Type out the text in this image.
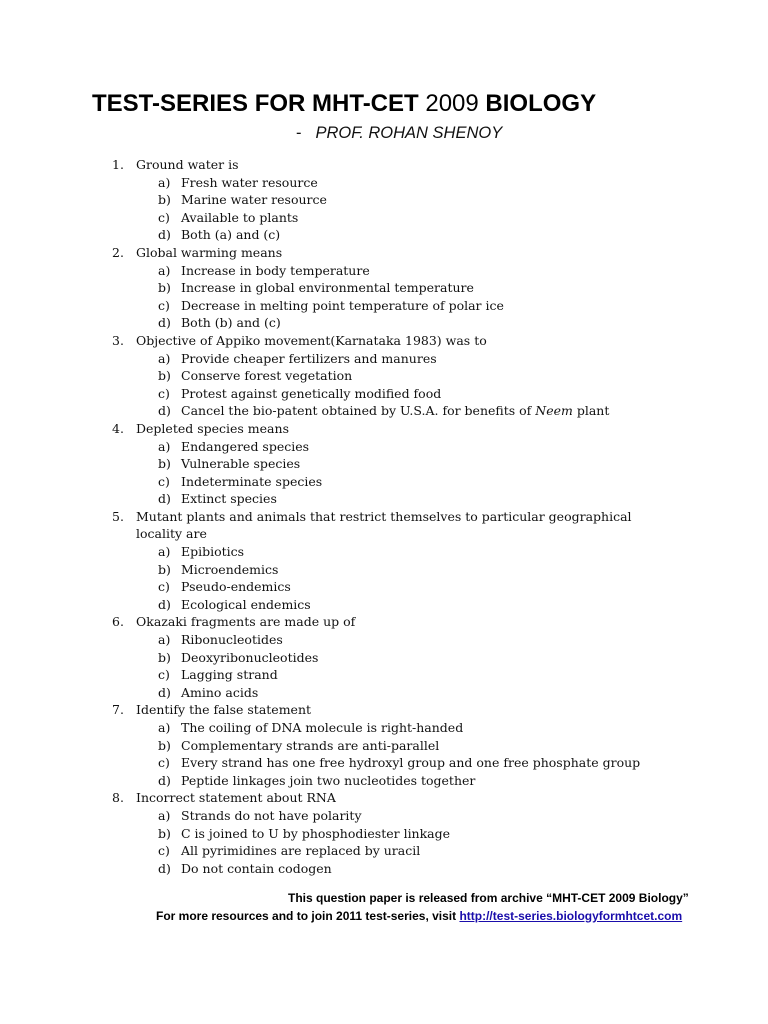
TEST-SERIES FOR MHT-CET 2009 BIOLOGY
- PROF. ROHAN SHENOY
1. Ground water is
a) Fresh water resource
b) Marine water resource
c) Available to plants
d) Both (a) and (c)
2. Global warming means
a) Increase in body temperature
b) Increase in global environmental temperature
c) Decrease in melting point temperature of polar ice
d) Both (b) and (c)
3. Objective of Appiko movement(Karnataka 1983) was to
a) Provide cheaper fertilizers and manures
b) Conserve forest vegetation
c) Protest against genetically modified food
d) Cancel the bio-patent obtained by U.S.A. for benefits of Neem plant
4. Depleted species means
a) Endangered species
b) Vulnerable species
c) Indeterminate species
d) Extinct species
5. Mutant plants and animals that restrict themselves to particular geographical locality are
a) Epibiotics
b) Microendemics
c) Pseudo-endemics
d) Ecological endemics
6. Okazaki fragments are made up of
a) Ribonucleotides
b) Deoxyribonucleotides
c) Lagging strand
d) Amino acids
7. Identify the false statement
a) The coiling of DNA molecule is right-handed
b) Complementary strands are anti-parallel
c) Every strand has one free hydroxyl group and one free phosphate group
d) Peptide linkages join two nucleotides together
8. Incorrect statement about RNA
a) Strands do not have polarity
b) C is joined to U by phosphodiester linkage
c) All pyrimidines are replaced by uracil
d) Do not contain codogen
This question paper is released from archive “MHT-CET 2009 Biology”
For more resources and to join 2011 test-series, visit http://test-series.biologyformhtcet.com
